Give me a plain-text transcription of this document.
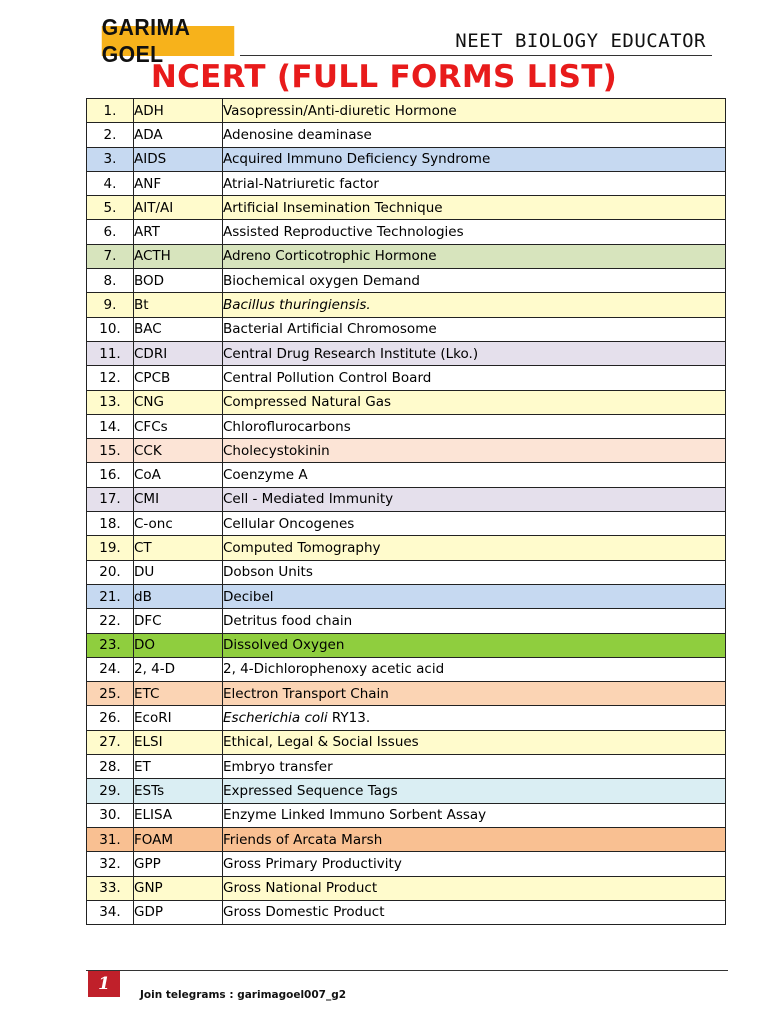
GARIMA GOEL	NEET BIOLOGY EDUCATOR
NCERT (FULL FORMS LIST)
1.	ADH	Vasopressin/Anti-diuretic Hormone
2.	ADA	Adenosine deaminase
3.	AIDS	Acquired Immuno Deficiency Syndrome
4.	ANF	Atrial-Natriuretic factor
5.	AIT/AI	Artificial Insemination Technique
6.	ART	Assisted Reproductive Technologies
7.	ACTH	Adreno Corticotrophic Hormone
8.	BOD	Biochemical oxygen Demand
9.	Bt	Bacillus thuringiensis.
10.	BAC	Bacterial Artificial Chromosome
11.	CDRI	Central Drug Research Institute (Lko.)
12.	CPCB	Central Pollution Control Board
13.	CNG	Compressed Natural Gas
14.	CFCs	Chloroflurocarbons
15.	CCK	Cholecystokinin
16.	CoA	Coenzyme A
17.	CMI	Cell - Mediated Immunity
18.	C-onc	Cellular Oncogenes
19.	CT	Computed Tomography
20.	DU	Dobson Units
21.	dB	Decibel
22.	DFC	Detritus food chain
23.	DO	Dissolved Oxygen
24.	2, 4-D	2, 4-Dichlorophenoxy acetic acid
25.	ETC	Electron Transport Chain
26.	EcoRI	Escherichia coli RY13.
27.	ELSI	Ethical, Legal & Social Issues
28.	ET	Embryo transfer
29.	ESTs	Expressed Sequence Tags
30.	ELISA	Enzyme Linked Immuno Sorbent Assay
31.	FOAM	Friends of Arcata Marsh
32.	GPP	Gross Primary Productivity
33.	GNP	Gross National Product
34.	GDP	Gross Domestic Product
1
Join telegrams : garimagoel007_g2
